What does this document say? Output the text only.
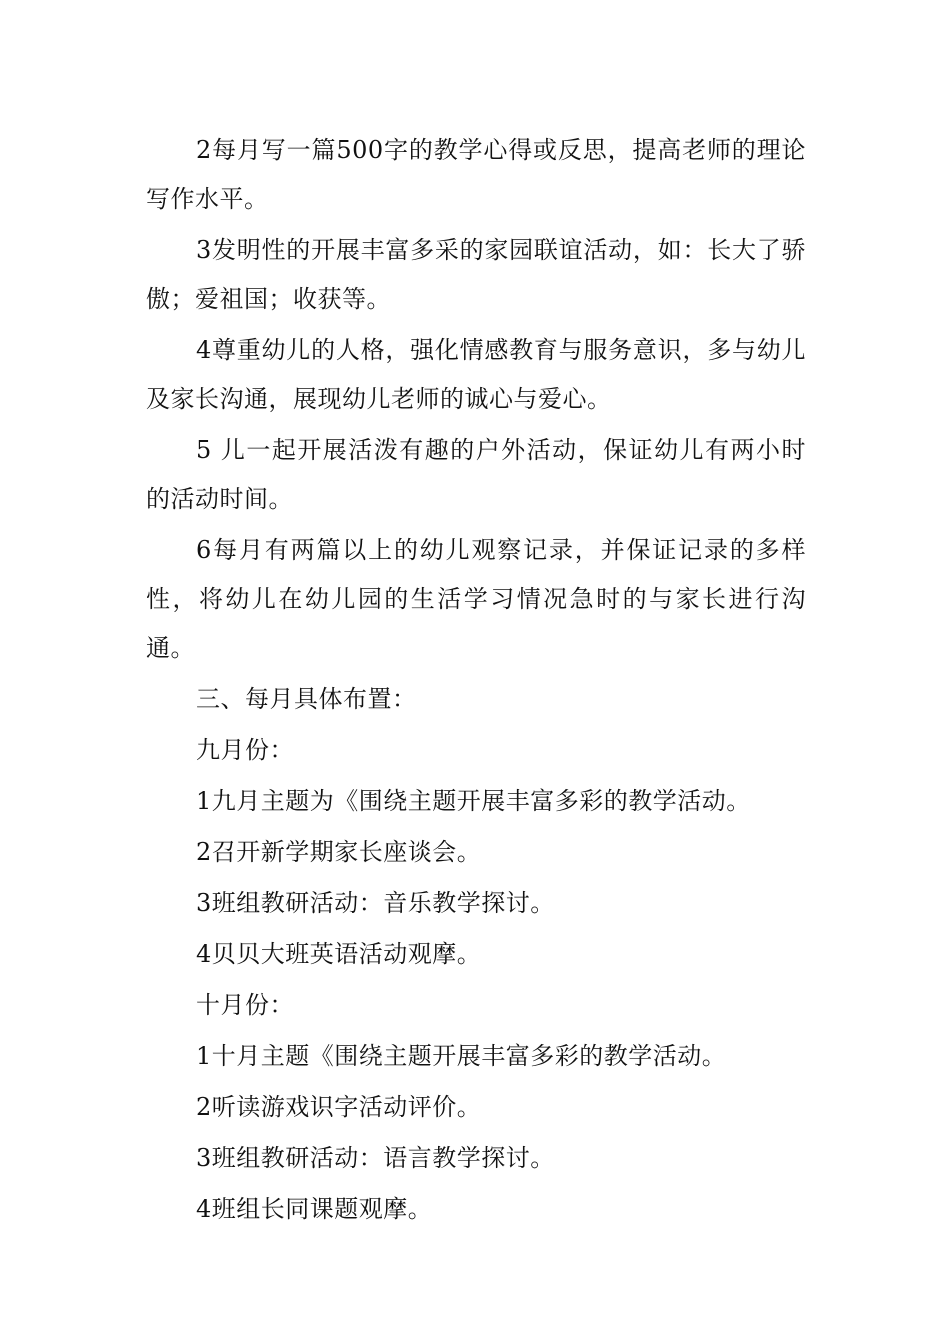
2每月写一篇500字的教学心得或反思，提高老师的理论写作水平。

3发明性的开展丰富多采的家园联谊活动，如：长大了骄傲；爱祖国；收获等。

4尊重幼儿的人格，强化情感教育与服务意识，多与幼儿及家长沟通，展现幼儿老师的诚心与爱心。

5 儿一起开展活泼有趣的户外活动，保证幼儿有两小时的活动时间。

6每月有两篇以上的幼儿观察记录，并保证记录的多样性，将幼儿在幼儿园的生活学习情况急时的与家长进行沟通。

三、每月具体布置：

九月份：

1九月主题为《围绕主题开展丰富多彩的教学活动。

2召开新学期家长座谈会。

3班组教研活动：音乐教学探讨。

4贝贝大班英语活动观摩。

十月份：

1十月主题《围绕主题开展丰富多彩的教学活动。

2听读游戏识字活动评价。

3班组教研活动：语言教学探讨。

4班组长同课题观摩。
